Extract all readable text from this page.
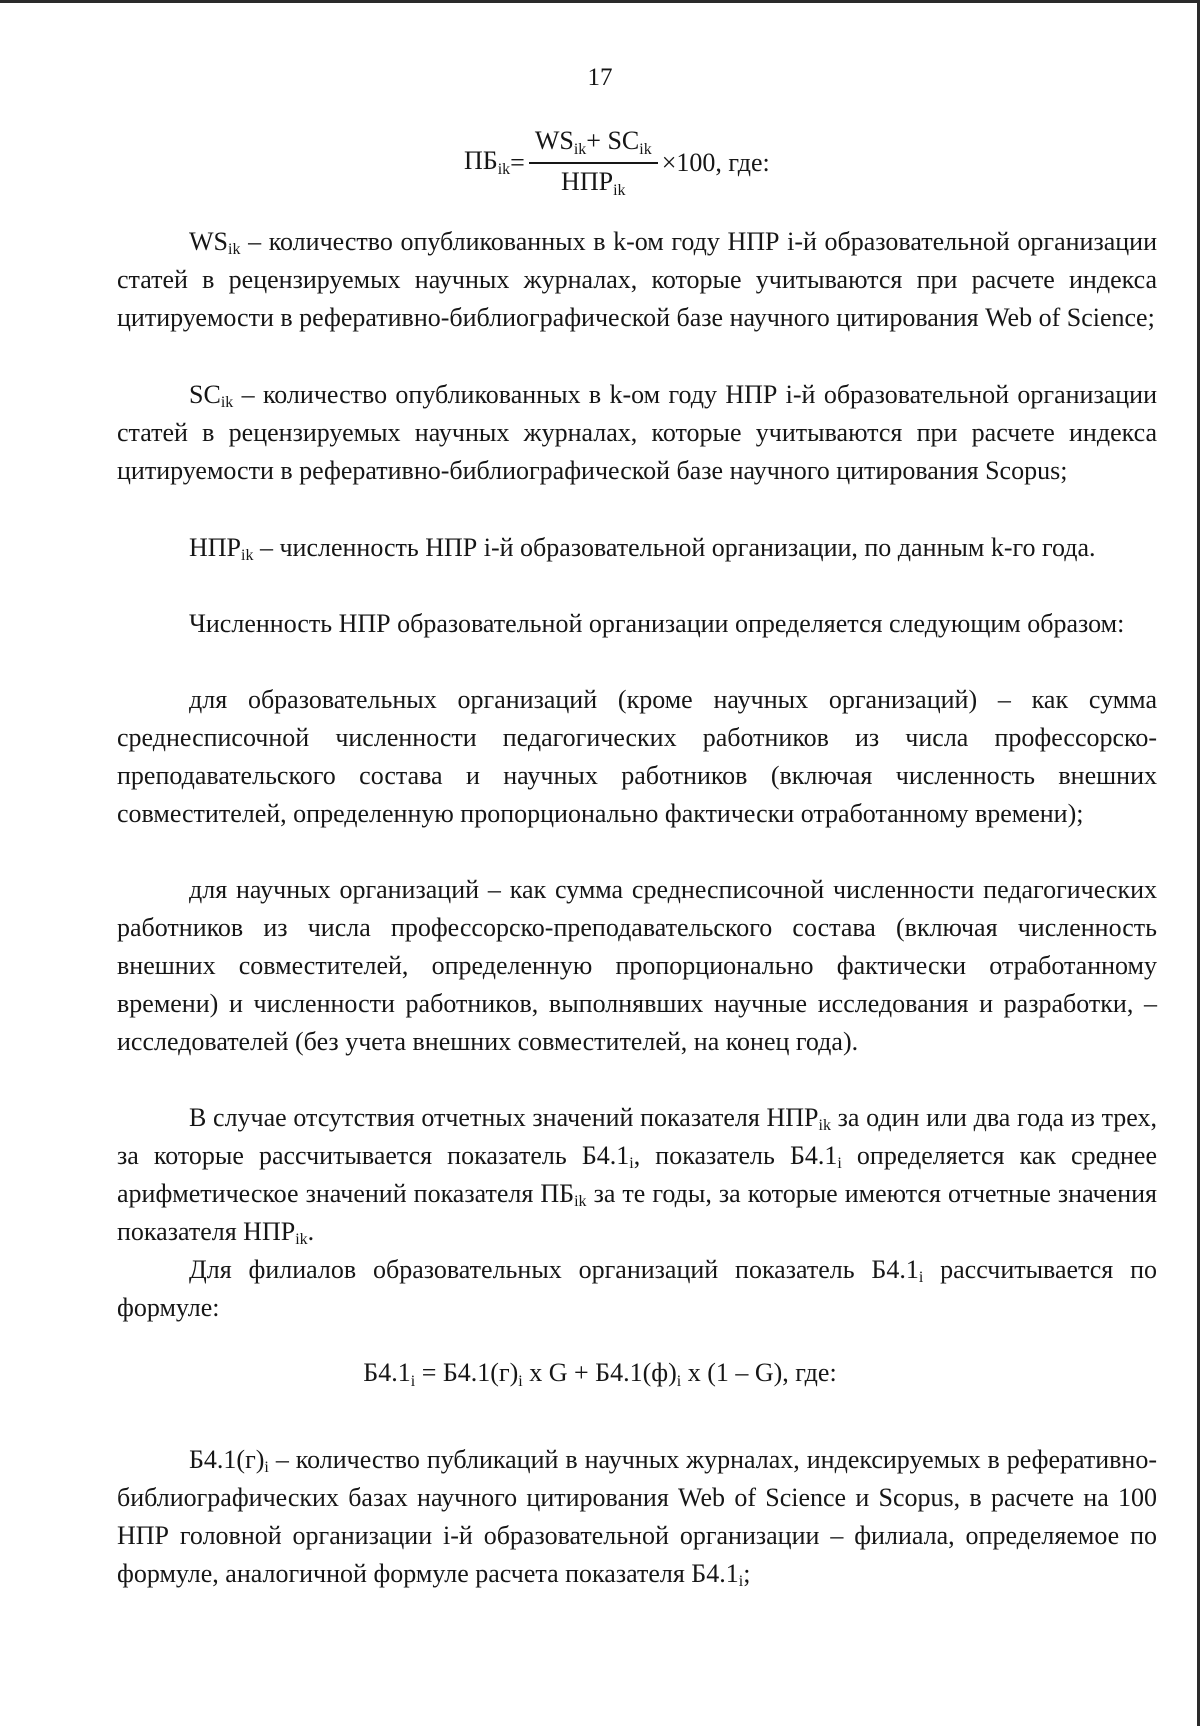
17
$ПБ_{ik} = \frac{WS_{ik}+ SC_{ik}}{НПР_{ik}} \times 100$, где:

$WS_{ik}$ – количество опубликованных в k-ом году НПР i-й образовательной организации статей в рецензируемых научных журналах, которые учитываются при расчете индекса цитируемости в реферативно-библиографической базе научного цитирования Web of Science;

$SC_{ik}$ – количество опубликованных в k-ом году НПР i-й образовательной организации статей в рецензируемых научных журналах, которые учитываются при расчете индекса цитируемости в реферативно-библиографической базе научного цитирования Scopus;

$НПР_{ik}$ – численность НПР i-й образовательной организации, по данным k-го года.

Численность НПР образовательной организации определяется следующим образом:

для образовательных организаций (кроме научных организаций) – как сумма среднесписочной численности педагогических работников из числа профессорско-преподавательского состава и научных работников (включая численность внешних совместителей, определенную пропорционально фактически отработанному времени);

для научных организаций – как сумма среднесписочной численности педагогических работников из числа профессорско-преподавательского состава (включая численность внешних совместителей, определенную пропорционально фактически отработанному времени) и численности работников, выполнявших научные исследования и разработки, – исследователей (без учета внешних совместителей, на конец года).

В случае отсутствия отчетных значений показателя $НПР_{ik}$ за один или два года из трех, за которые рассчитывается показатель $Б4.1_i$, показатель $Б4.1_i$ определяется как среднее арифметическое значений показателя $ПБ_{ik}$ за те годы, за которые имеются отчетные значения показателя $НПР_{ik}$.

Для филиалов образовательных организаций показатель $Б4.1_i$ рассчитывается по формуле:

$Б4.1_i = Б4.1(г)_i$ x $G + Б4.1(ф)_i$ x (1 – G), где:

$Б4.1(г)_i$ – количество публикаций в научных журналах, индексируемых в реферативно-библиографических базах научного цитирования Web of Science и Scopus, в расчете на 100 НПР головной организации i-й образовательной организации – филиала, определяемое по формуле, аналогичной формуле расчета показателя $Б4.1_i$;
